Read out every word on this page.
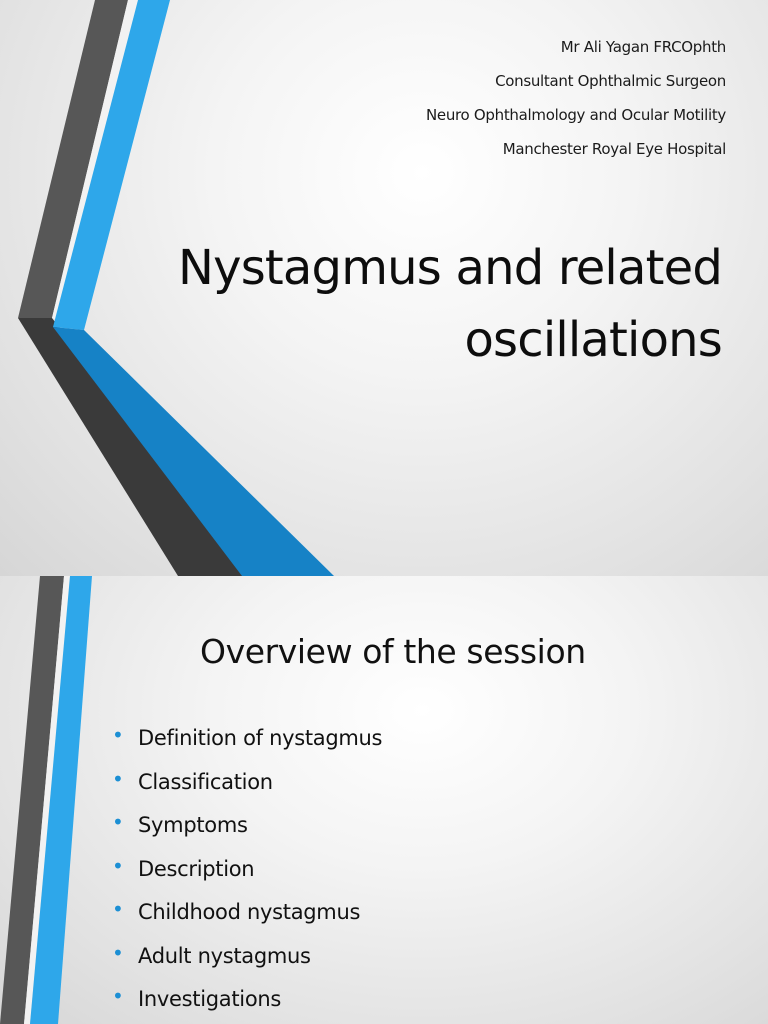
Mr Ali Yagan FRCOphth
Consultant Ophthalmic Surgeon
Neuro Ophthalmology and Ocular Motility
Manchester Royal Eye Hospital
Nystagmus and related
oscillations
Overview of the session
• Definition of nystagmus
• Classification
• Symptoms
• Description
• Childhood nystagmus
• Adult nystagmus
• Investigations
